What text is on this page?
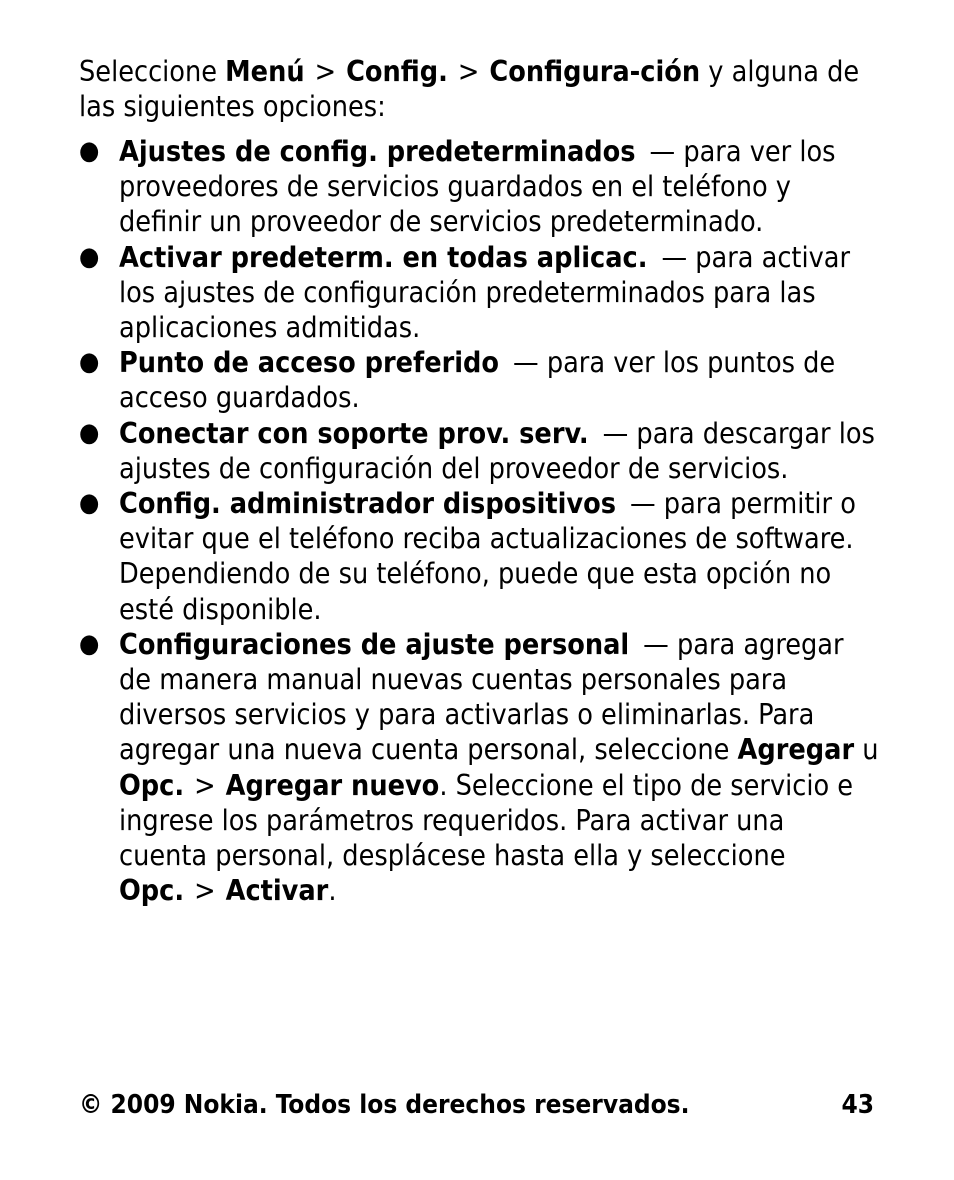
Seleccione Menú > Config. > Configura-ción y alguna de las siguientes opciones:

● Ajustes de config. predeterminados — para ver los proveedores de servicios guardados en el teléfono y definir un proveedor de servicios predeterminado.
● Activar predeterm. en todas aplicac. — para activar los ajustes de configuración predeterminados para las aplicaciones admitidas.
● Punto de acceso preferido — para ver los puntos de acceso guardados.
● Conectar con soporte prov. serv. — para descargar los ajustes de configuración del proveedor de servicios.
● Config. administrador dispositivos — para permitir o evitar que el teléfono reciba actualizaciones de software. Dependiendo de su teléfono, puede que esta opción no esté disponible.
● Configuraciones de ajuste personal — para agregar de manera manual nuevas cuentas personales para diversos servicios y para activarlas o eliminarlas. Para agregar una nueva cuenta personal, seleccione Agregar u Opc. > Agregar nuevo. Seleccione el tipo de servicio e ingrese los parámetros requeridos. Para activar una cuenta personal, desplácese hasta ella y seleccione Opc. > Activar.
© 2009 Nokia. Todos los derechos reservados.	43
